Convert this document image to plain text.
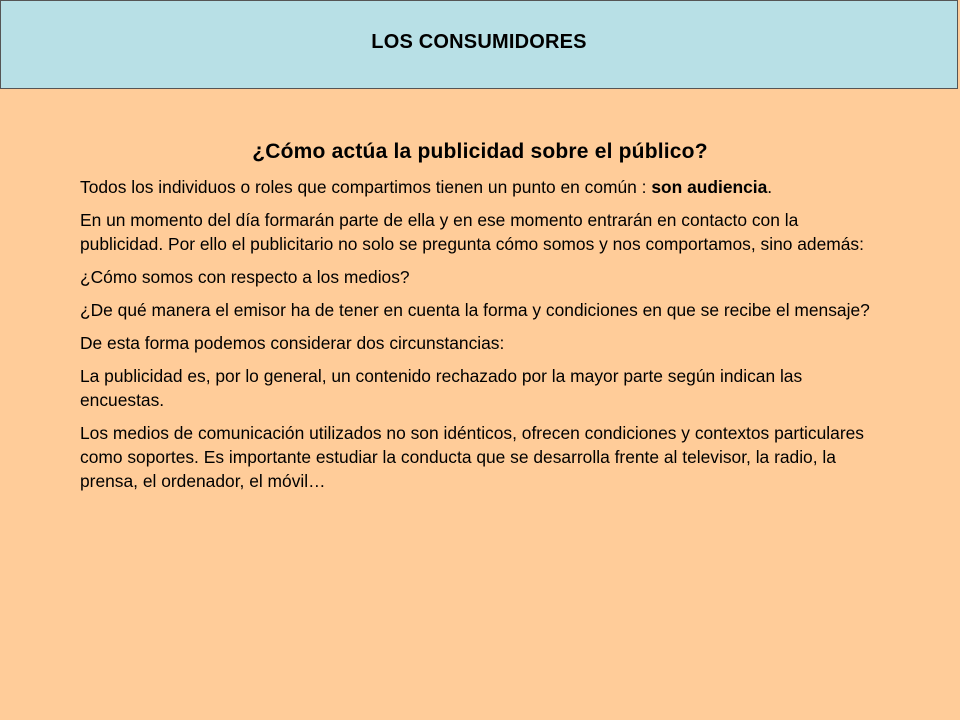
LOS CONSUMIDORES
¿Cómo actúa la publicidad sobre el público?

Todos los individuos o roles que compartimos tienen un punto en común : son audiencia.

En un momento del día formarán parte de ella y en ese momento entrarán en contacto con la publicidad. Por ello el publicitario no solo se pregunta cómo somos y nos comportamos, sino además:

¿Cómo somos con respecto a los medios?

¿De qué manera el emisor ha de tener en cuenta la forma y condiciones en que se recibe el mensaje?

De esta forma podemos considerar dos circunstancias:

La publicidad es, por lo general, un contenido rechazado por la mayor parte según indican las encuestas.

Los medios de comunicación utilizados no son idénticos, ofrecen condiciones y contextos particulares como soportes. Es importante estudiar la conducta que se desarrolla frente al televisor, la radio, la prensa, el ordenador, el móvil…
